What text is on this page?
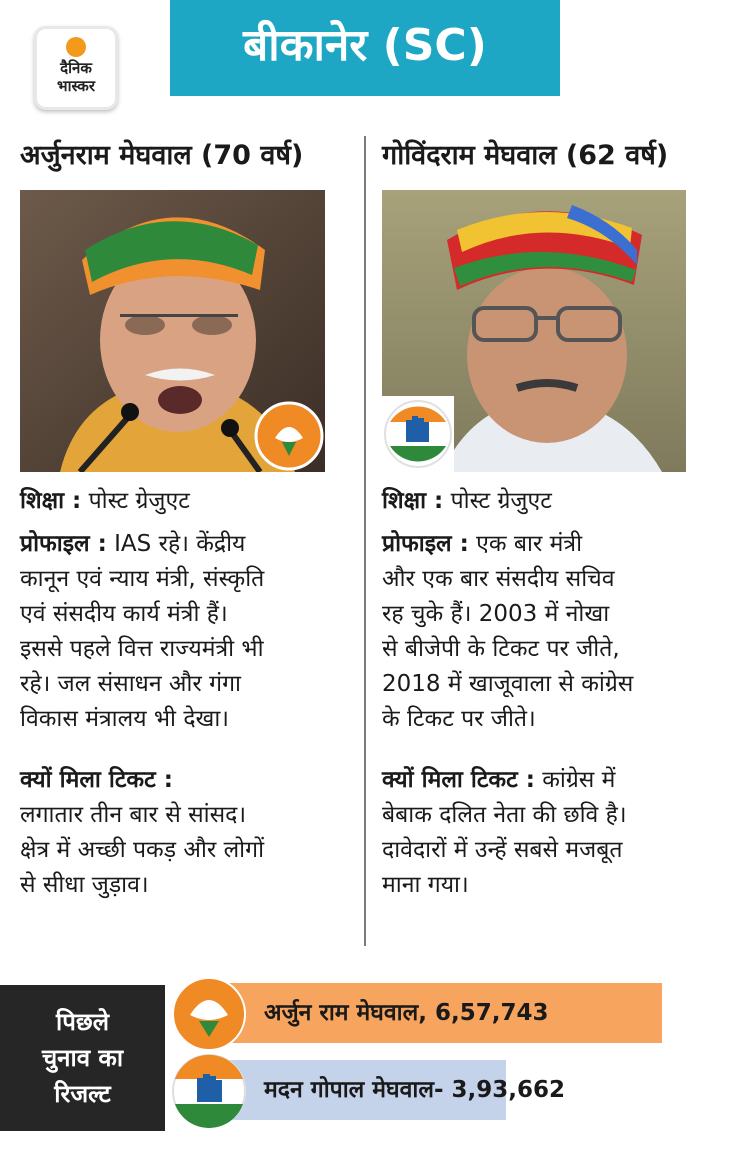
दैनिक
भास्कर
बीकानेर (SC)
अर्जुनराम मेघवाल (70 वर्ष)
शिक्षा : पोस्ट ग्रेजुएट
प्रोफाइल : IAS रहे। केंद्रीय
कानून एवं न्याय मंत्री, संस्कृति
एवं संसदीय कार्य मंत्री हैं।
इससे पहले वित्त राज्यमंत्री भी
रहे। जल संसाधन और गंगा
विकास मंत्रालय भी देखा।
क्यों मिला टिकट :
लगातार तीन बार से सांसद।
क्षेत्र में अच्छी पकड़ और लोगों
से सीधा जुड़ाव।
गोविंदराम मेघवाल (62 वर्ष)
शिक्षा : पोस्ट ग्रेजुएट
प्रोफाइल : एक बार मंत्री
और एक बार संसदीय सचिव
रह चुके हैं। 2003 में नोखा
से बीजेपी के टिकट पर जीते,
2018 में खाजूवाला से कांग्रेस
के टिकट पर जीते।
क्यों मिला टिकट : कांग्रेस में
बेबाक दलित नेता की छवि है।
दावेदारों में उन्हें सबसे मजबूत
माना गया।
पिछले
चुनाव का
रिजल्ट
अर्जुन राम मेघवाल, 6,57,743
मदन गोपाल मेघवाल- 3,93,662
